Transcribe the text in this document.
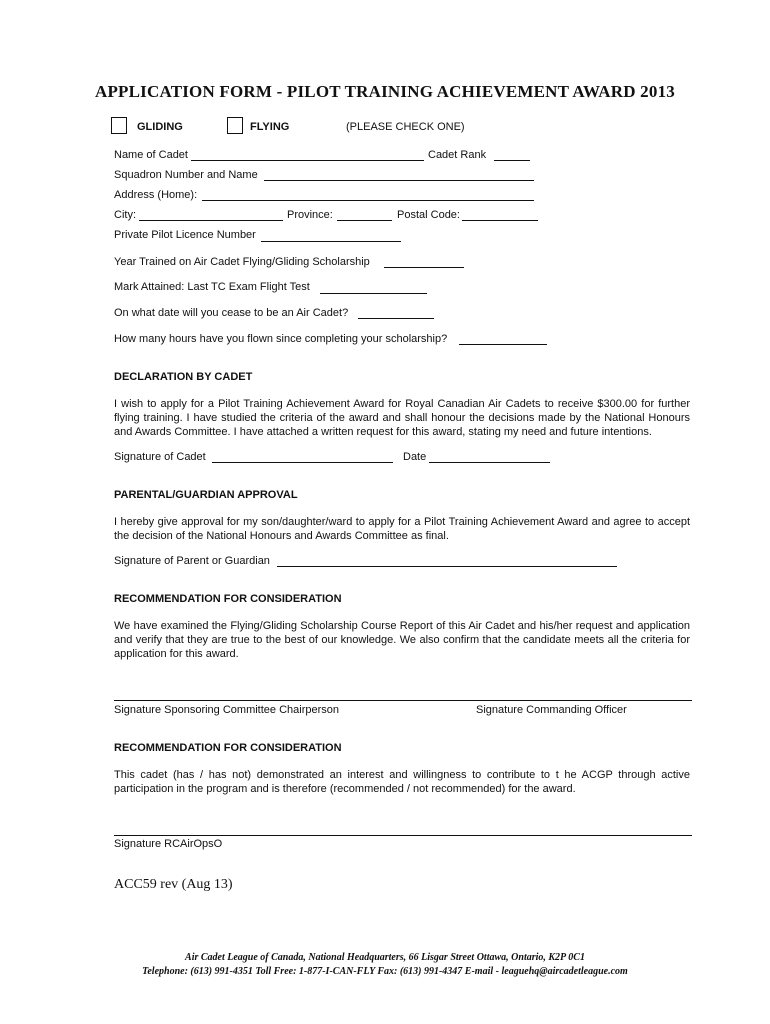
APPLICATION FORM - PILOT TRAINING ACHIEVEMENT AWARD 2013
GLIDING	FLYING	(PLEASE CHECK ONE)
Name of Cadet	Cadet Rank
Squadron Number and Name
Address (Home):
City:	Province:	Postal Code:
Private Pilot Licence Number
Year Trained on Air Cadet Flying/Gliding Scholarship
Mark Attained: Last TC Exam Flight Test
On what date will you cease to be an Air Cadet?
How many hours have you flown since completing your scholarship?
DECLARATION BY CADET
I wish to apply for a Pilot Training Achievement Award for Royal Canadian Air Cadets to receive $300.00 for further flying training. I have studied the criteria of the award and shall honour the decisions made by the National Honours and Awards Committee. I have attached a written request for this award, stating my need and future intentions.
Signature of Cadet	Date
PARENTAL/GUARDIAN APPROVAL
I hereby give approval for my son/daughter/ward to apply for a Pilot Training Achievement Award and agree to accept the decision of the National Honours and Awards Committee as final.
Signature of Parent or Guardian
RECOMMENDATION FOR CONSIDERATION
We have examined the Flying/Gliding Scholarship Course Report of this Air Cadet and his/her request and application and verify that they are true to the best of our knowledge. We also confirm that the candidate meets all the criteria for application for this award.
Signature Sponsoring Committee Chairperson	Signature Commanding Officer
RECOMMENDATION FOR CONSIDERATION
This cadet (has / has not) demonstrated an interest and willingness to contribute to t he ACGP through active participation in the program and is therefore (recommended / not recommended) for the award.
Signature RCAirOpsO
ACC59 rev (Aug 13)
Air Cadet League of Canada, National Headquarters, 66 Lisgar Street Ottawa, Ontario, K2P 0C1
Telephone: (613) 991-4351 Toll Free: 1-877-I-CAN-FLY Fax: (613) 991-4347 E-mail - leaguehq@aircadetleague.com
